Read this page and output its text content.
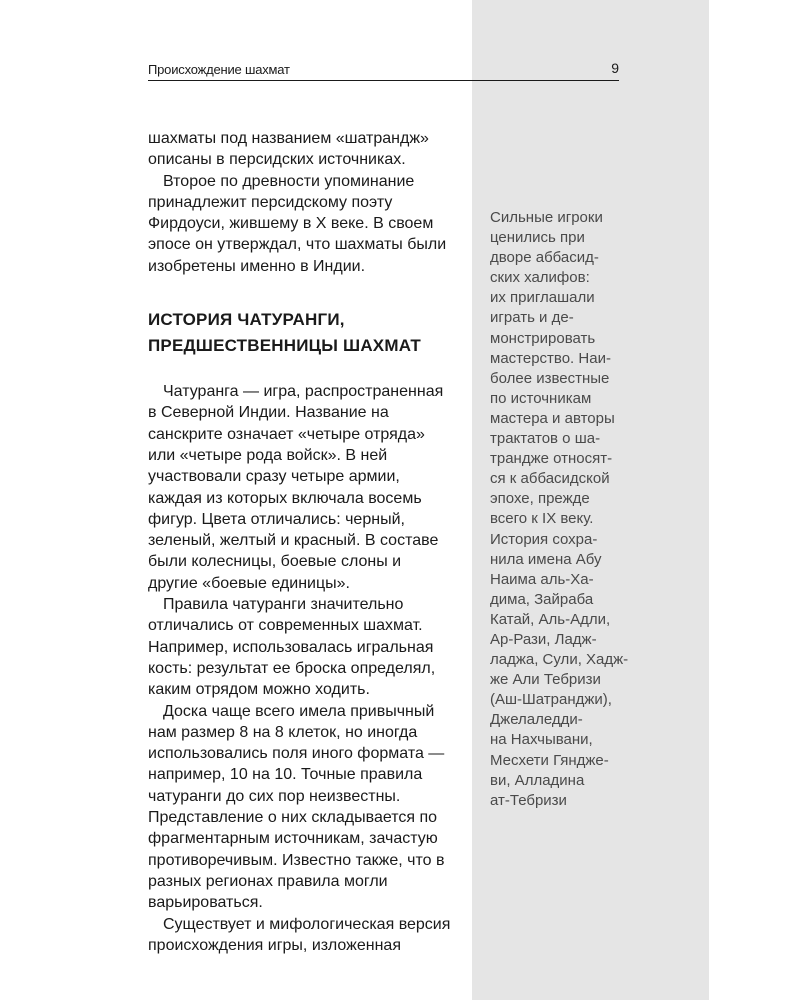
Происхождение шахмат	9

шахматы под названием «шатрандж» описаны в персидских источниках.

Второе по древности упоминание принадлежит персидскому поэту Фирдоуси, жившему в X веке. В своем эпосе он утверждал, что шахматы были изобретены именно в Индии.

ИСТОРИЯ ЧАТУРАНГИ,
ПРЕДШЕСТВЕННИЦЫ ШАХМАТ

Чатуранга — игра, распространенная в Северной Индии. Название на санскрите означает «четыре отряда» или «четыре рода войск». В ней участвовали сразу четыре армии, каждая из которых включала восемь фигур. Цвета отличались: черный, зеленый, желтый и красный. В составе были колесницы, боевые слоны и другие «боевые единицы».

Правила чатуранги значительно отличались от современных шахмат. Например, использовалась игральная кость: результат ее броска определял, каким отрядом можно ходить.

Доска чаще всего имела привычный нам размер 8 на 8 клеток, но иногда использовались поля иного формата — например, 10 на 10. Точные правила чатуранги до сих пор неизвестны. Представление о них складывается по фрагментарным источникам, зачастую противоречивым. Известно также, что в разных регионах правила могли варьироваться.

Существует и мифологическая версия происхождения игры, изложенная

Сильные игроки
ценились при
дворе аббасид-
ских халифов:
их приглашали
играть и де-
монстрировать
мастерство. Наи-
более известные
по источникам
мастера и авторы
трактатов о ша-
трандже относят-
ся к аббасидской
эпохе, прежде
всего к IX веку.
История сохра-
нила имена Абу
Наима аль-Ха-
дима, Зайраба
Катай, Аль-Адли,
Ар-Рази, Ладж-
ладжа, Сули, Хадж-
же Али Тебризи
(Аш-Шатранджи),
Джелаледди-
на Нахчывани,
Месхети Гяндже-
ви, Алладина
ат-Тебризи
